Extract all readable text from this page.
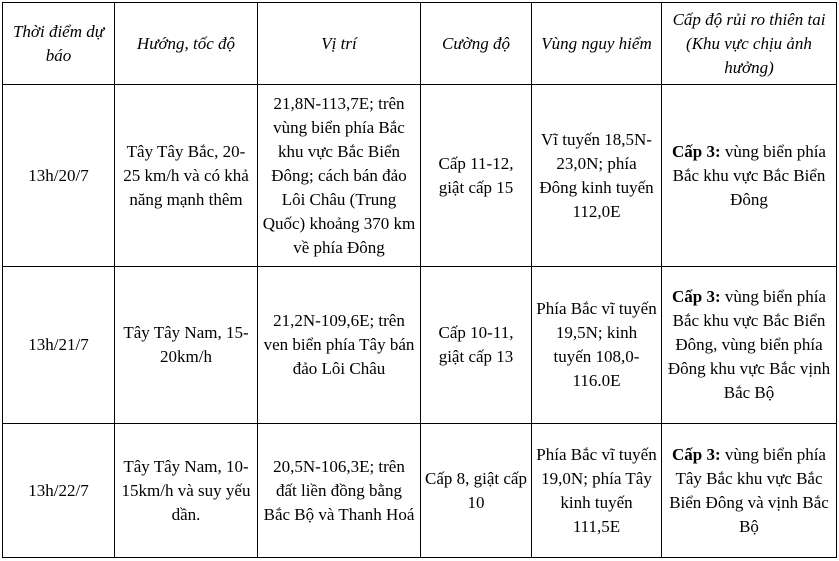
Thời điểm dự báo	Hướng, tốc độ	Vị trí	Cường độ	Vùng nguy hiểm	Cấp độ rủi ro thiên tai (Khu vực chịu ảnh hưởng)
13h/20/7	Tây Tây Bắc, 20-25 km/h và có khả năng mạnh thêm	21,8N-113,7E; trên vùng biển phía Bắc khu vực Bắc Biển Đông; cách bán đảo Lôi Châu (Trung Quốc) khoảng 370 km về phía Đông	Cấp 11-12, giật cấp 15	Vĩ tuyến 18,5N-23,0N; phía Đông kinh tuyến 112,0E	Cấp 3: vùng biển phía Bắc khu vực Bắc Biển Đông
13h/21/7	Tây Tây Nam, 15-20km/h	21,2N-109,6E; trên ven biển phía Tây bán đảo Lôi Châu	Cấp 10-11, giật cấp 13	Phía Bắc vĩ tuyến 19,5N; kinh tuyến 108,0-116.0E	Cấp 3: vùng biển phía Bắc khu vực Bắc Biển Đông, vùng biển phía Đông khu vực Bắc vịnh Bắc Bộ
13h/22/7	Tây Tây Nam, 10-15km/h và suy yếu dần.	20,5N-106,3E; trên đất liền đồng bằng Bắc Bộ và Thanh Hoá	Cấp 8, giật cấp 10	Phía Bắc vĩ tuyến 19,0N; phía Tây kinh tuyến 111,5E	Cấp 3: vùng biển phía Tây Bắc khu vực Bắc Biển Đông và vịnh Bắc Bộ
